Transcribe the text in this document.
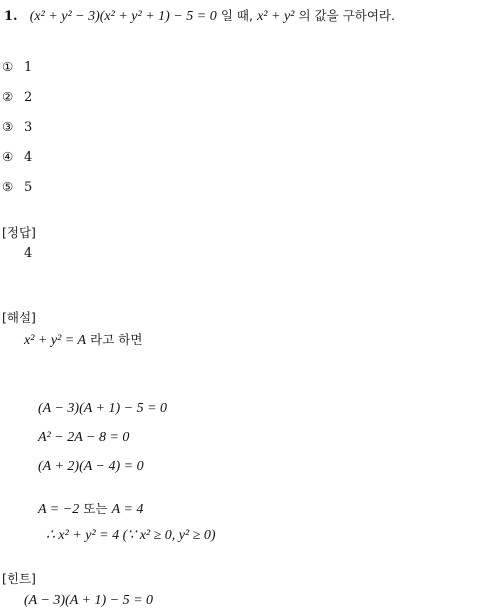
1. (x² + y² − 3)(x² + y² + 1) − 5 = 0 일 때, x² + y² 의 값을 구하여라.
① 1
② 2
③ 3
④ 4
⑤ 5
[정답]
4
[해설]
x² + y² = A 라고 하면
(A − 3)(A + 1) − 5 = 0
A² − 2A − 8 = 0
(A + 2)(A − 4) = 0
A = −2 또는 A = 4
∴ x² + y² = 4 (∵ x² ≥ 0, y² ≥ 0)
[힌트]
(A − 3)(A + 1) − 5 = 0
